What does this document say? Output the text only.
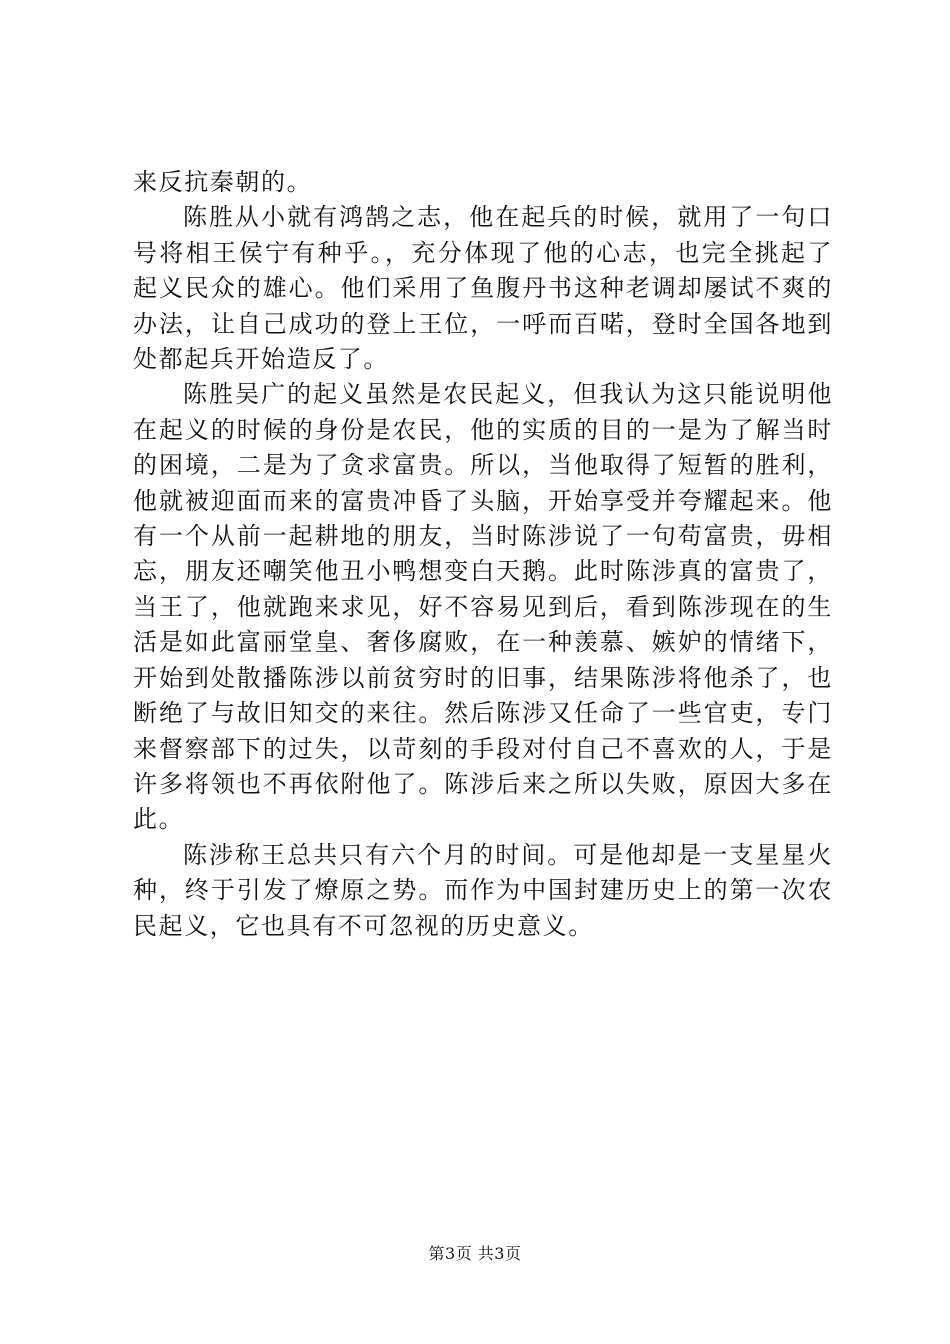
来反抗秦朝的。

陈胜从小就有鸿鹄之志，他在起兵的时候，就用了一句口号将相王侯宁有种乎。，充分体现了他的心志，也完全挑起了起义民众的雄心。他们采用了鱼腹丹书这种老调却屡试不爽的办法，让自己成功的登上王位，一呼而百喏，登时全国各地到处都起兵开始造反了。

陈胜吴广的起义虽然是农民起义，但我认为这只能说明他在起义的时候的身份是农民，他的实质的目的一是为了解当时的困境，二是为了贪求富贵。所以，当他取得了短暂的胜利，他就被迎面而来的富贵冲昏了头脑，开始享受并夸耀起来。他有一个从前一起耕地的朋友，当时陈涉说了一句苟富贵，毋相忘，朋友还嘲笑他丑小鸭想变白天鹅。此时陈涉真的富贵了，当王了，他就跑来求见，好不容易见到后，看到陈涉现在的生活是如此富丽堂皇、奢侈腐败，在一种羡慕、嫉妒的情绪下，开始到处散播陈涉以前贫穷时的旧事，结果陈涉将他杀了，也断绝了与故旧知交的来往。然后陈涉又任命了一些官吏，专门来督察部下的过失，以苛刻的手段对付自己不喜欢的人，于是许多将领也不再依附他了。陈涉后来之所以失败，原因大多在此。

陈涉称王总共只有六个月的时间。可是他却是一支星星火种，终于引发了燎原之势。而作为中国封建历史上的第一次农民起义，它也具有不可忽视的历史意义。

第3页 共3页
